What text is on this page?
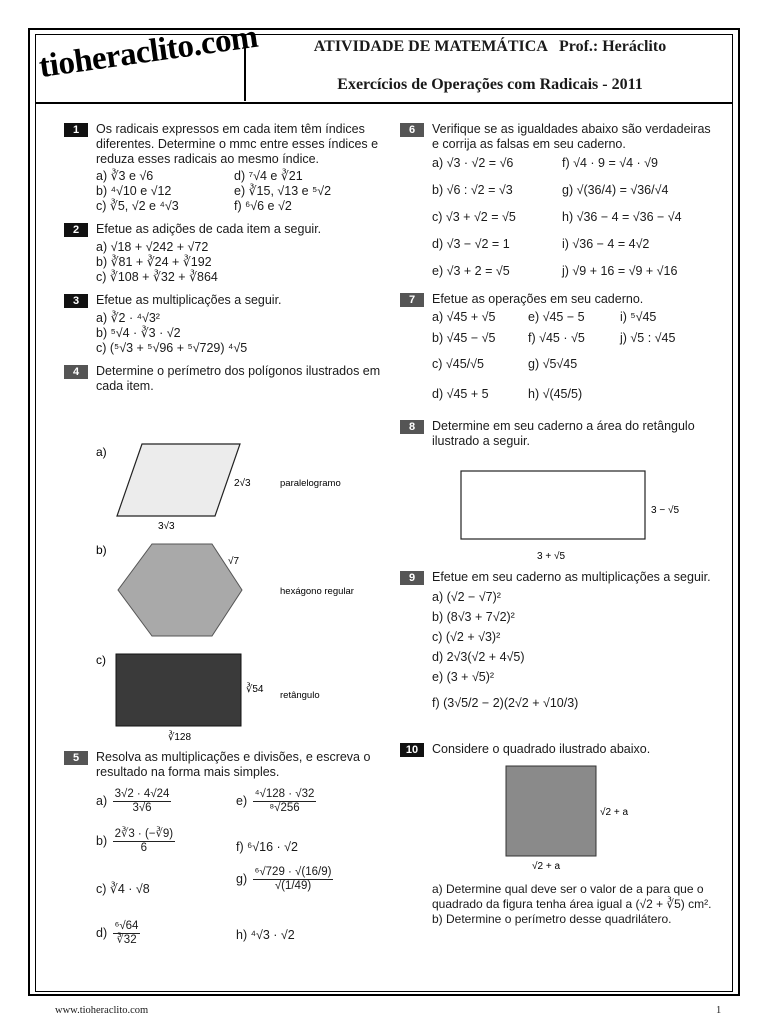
tioheraclito.com	ATIVIDADE DE MATEMÁTICA   Prof.: Heráclito
Exercícios de Operações com Radicais - 2011
1	Os radicais expressos em cada item têm índices diferentes. Determine o mmc entre esses índices e reduza esses radicais ao mesmo índice.
a) ∛3 e √6	d) ⁷√4 e ∛21
b) ⁴√10 e √12	e) ∛15, √13 e ⁵√2
c) ∛5, √2 e ⁴√3	f) ⁶√6 e √2
2	Efetue as adições de cada item a seguir.
a) √18 + √242 + √72
b) ∛81 + ∛24 + ∛192
c) ∛108 + ∛32 + ∛864
3	Efetue as multiplicações a seguir.
a) ∛2 · ⁴√3²
b) ⁵√4 · ∛3 · √2
c) (⁵√3 + ⁵√96 + ⁵√729) ⁴√5
4	Determine o perímetro dos polígonos ilustrados em cada item.
a)
2√3
3√3
paralelogramo
b)
√7
hexágono regular
c)
∛54
retângulo
∛128
5	Resolva as multiplicações e divisões, e escreva o resultado na forma mais simples.
$a) \frac{3√2 \cdot 4√24}{3√6}$	$e) \frac{\text{⁴√128 · √32}}{\text{⁸√256}}$
$b) \frac{2∛3 \cdot (-∛9)}{6}$	f) ⁶√16 · √2
c) ∛4 · √8
$g) \frac{\text{⁶√729 · √(16/9)}}{√(1/49)}$
$d) \frac{\text{⁶√64}}{∛32}$	h) ⁴√3 · √2
6	Verifique se as igualdades abaixo são verdadeiras e corrija as falsas em seu caderno.
a) √3 · √2 = √6	f) √4 · 9 = √4 · √9
b) √6 : √2 = √3	g) √(36/4) = √36/√4
c) √3 + √2 = √5	h) √36 − 4 = √36 − √4
d) √3 − √2 = 1	i) √36 − 4 = 4√2
e) √3 + 2 = √5	j) √9 + 16 = √9 + √16
7	Efetue as operações em seu caderno.
a) √45 + √5	e) √45 − 5	i) ⁵√45
b) √45 − √5	f) √45 · √5	j) √5 : √45
c) √45/√5	g) √5√45
d) √45 + 5	h) √(45/5)
8	Determine em seu caderno a área do retângulo ilustrado a seguir.
3 − √5
3 + √5
9	Efetue em seu caderno as multiplicações a seguir.
a) (√2 − √7)²
b) (8√3 + 7√2)²
c) (√2 + √3)²
d) 2√3(√2 + 4√5)
e) (3 + √5)²
f) (3√5/2 − 2)(2√2 + √10/3)
10	Considere o quadrado ilustrado abaixo.
√2 + a
√2 + a
a) Determine qual deve ser o valor de a para que o quadrado da figura tenha área igual a (√2 + ∛5) cm².
b) Determine o perímetro desse quadrilátero.
www.tioheraclito.com	1
